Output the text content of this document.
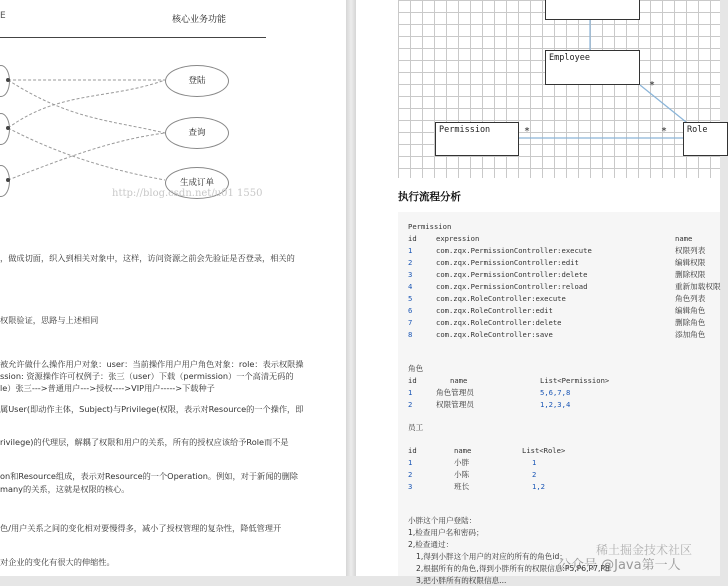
E	核心业务功能
登陆
查询
生成订单
http://blog.csdn.net/u01 1550
，做成切面，织入到相关对象中，这样，访问资源之前会先验证是否登录，相关的
权限验证，思路与上述相同
被允许做什么操作用户对象：user：当前操作用户用户角色对象：role：表示权限操
ssion: 资源操作许可权例子：张三（user）下载（permission）一个高清无码的
le）张三--->普通用户--->授权---->VIP用户----->下载种子
属User(即动作主体，Subject)与Privilege(权限，表示对Resource的一个操作，即
rivilege)的代理层，解耦了权限和用户的关系，所有的授权应该给予Role而不是
on和Resource组成，表示对Resource的一个Operation。例如，对于新闻的删除
many的关系，这就是权限的核心。
色/用户关系之间的变化相对要慢得多，减小了授权管理的复杂性，降低管理开
对企业的变化有很大的伸缩性。
Employee
Permission	Role
*
*	*
执行流程分析
Permission
id	expression	name
1	com.zqx.PermissionController:execute	权限列表
2	com.zqx.PermissionController:edit	编辑权限
3	com.zqx.PermissionController:delete	删除权限
4	com.zqx.PermissionController:reload	重新加载权限
5	com.zqx.RoleController:execute	角色列表
6	com.zqx.RoleController:edit	编辑角色
7	com.zqx.RoleController:delete	删除角色
8	com.zqx.RoleController:save	添加角色
角色
id	name	List<Permission>
1	角色管理员	5,6,7,8
2	权限管理员	1,2,3,4
员工
id	name	List<Role>
1	小胖	1
2	小陈	2
3	班长	1,2
小胖这个用户登陆：
1,检查用户名和密码；
2,检查通过：
1,得到小胖这个用户的对应的所有的角色id；
2,根据所有的角色,得到小胖所有的权限信息:P5,P6,P7,P8
3,把小胖所有的权限信息...
稀土掘金技术社区
公众号 @Java第一人
